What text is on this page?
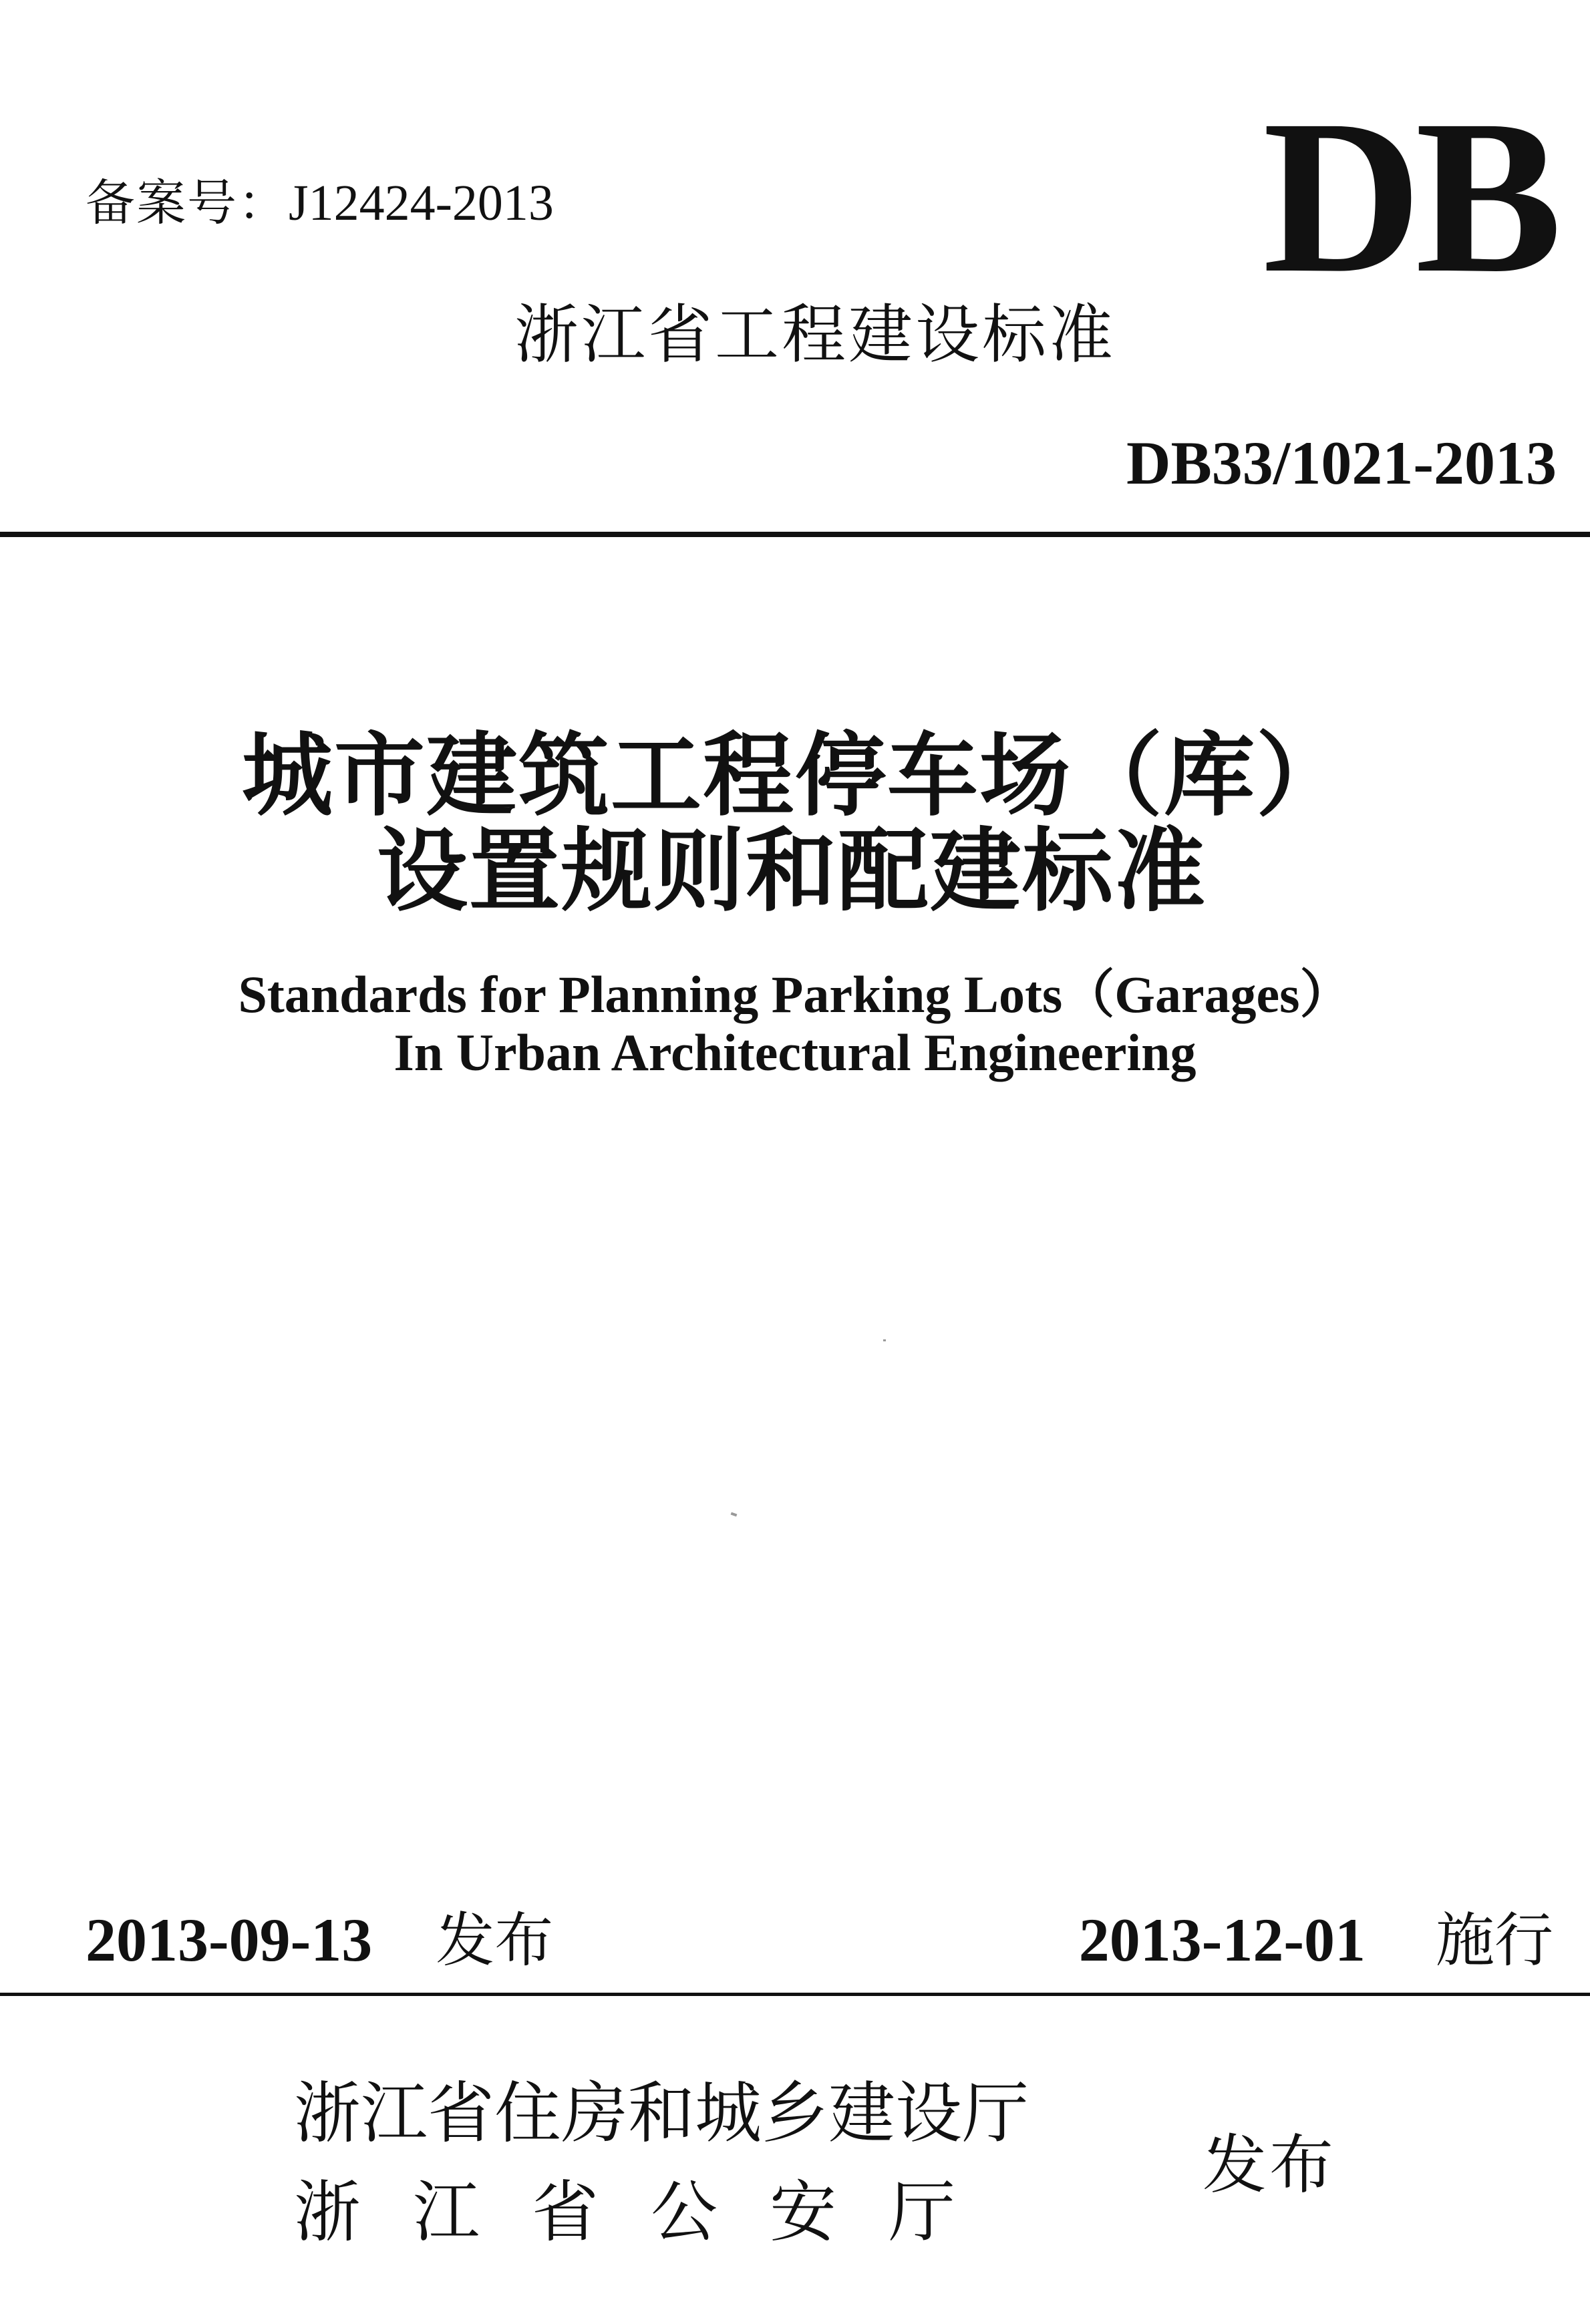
备案号：J12424-2013	DB
浙江省工程建设标准
DB33/1021-2013
城市建筑工程停车场（库）
设置规则和配建标准
Standards for Planning Parking Lots（Garages）
In Urban Architectural Engineering
2013-09-13 发布	2013-12-01 施行
浙江省住房和城乡建设厅
浙江省公安厅
发布
